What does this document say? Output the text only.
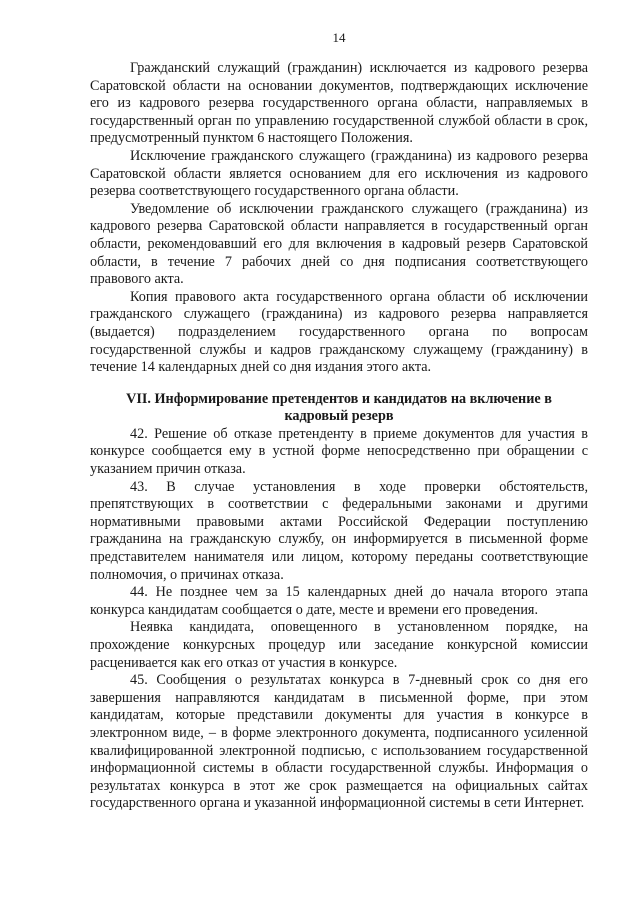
14

Гражданский служащий (гражданин) исключается из кадрового резерва Саратовской области на основании документов, подтверждающих исключение его из кадрового резерва государственного органа области, направляемых в государственный орган по управлению государственной службой области в срок, предусмотренный пунктом 6 настоящего Положения.

Исключение гражданского служащего (гражданина) из кадрового резерва Саратовской области является основанием для его исключения из кадрового резерва соответствующего государственного органа области.

Уведомление об исключении гражданского служащего (гражданина) из кадрового резерва Саратовской области направляется в государственный орган области, рекомендовавший его для включения в кадровый резерв Саратовской области, в течение 7 рабочих дней со дня подписания соответствующего правового акта.

Копия правового акта государственного органа области об исключении гражданского служащего (гражданина) из кадрового резерва направляется (выдается) подразделением государственного органа по вопросам государственной службы и кадров гражданскому служащему (гражданину) в течение 14 календарных дней со дня издания этого акта.

VII. Информирование претендентов и кандидатов на включение в кадровый резерв

42. Решение об отказе претенденту в приеме документов для участия в конкурсе сообщается ему в устной форме непосредственно при обращении с указанием причин отказа.

43. В случае установления в ходе проверки обстоятельств, препятствующих в соответствии с федеральными законами и другими нормативными правовыми актами Российской Федерации поступлению гражданина на гражданскую службу, он информируется в письменной форме представителем нанимателя или лицом, которому переданы соответствующие полномочия, о причинах отказа.

44. Не позднее чем за 15 календарных дней до начала второго этапа конкурса кандидатам сообщается о дате, месте и времени его проведения.

Неявка кандидата, оповещенного в установленном порядке, на прохождение конкурсных процедур или заседание конкурсной комиссии расценивается как его отказ от участия в конкурсе.

45. Сообщения о результатах конкурса в 7-дневный срок со дня его завершения направляются кандидатам в письменной форме, при этом кандидатам, которые представили документы для участия в конкурсе в электронном виде, – в форме электронного документа, подписанного усиленной квалифицированной электронной подписью, с использованием государственной информационной системы в области государственной службы. Информация о результатах конкурса в этот же срок размещается на официальных сайтах государственного органа и указанной информационной системы в сети Интернет.
